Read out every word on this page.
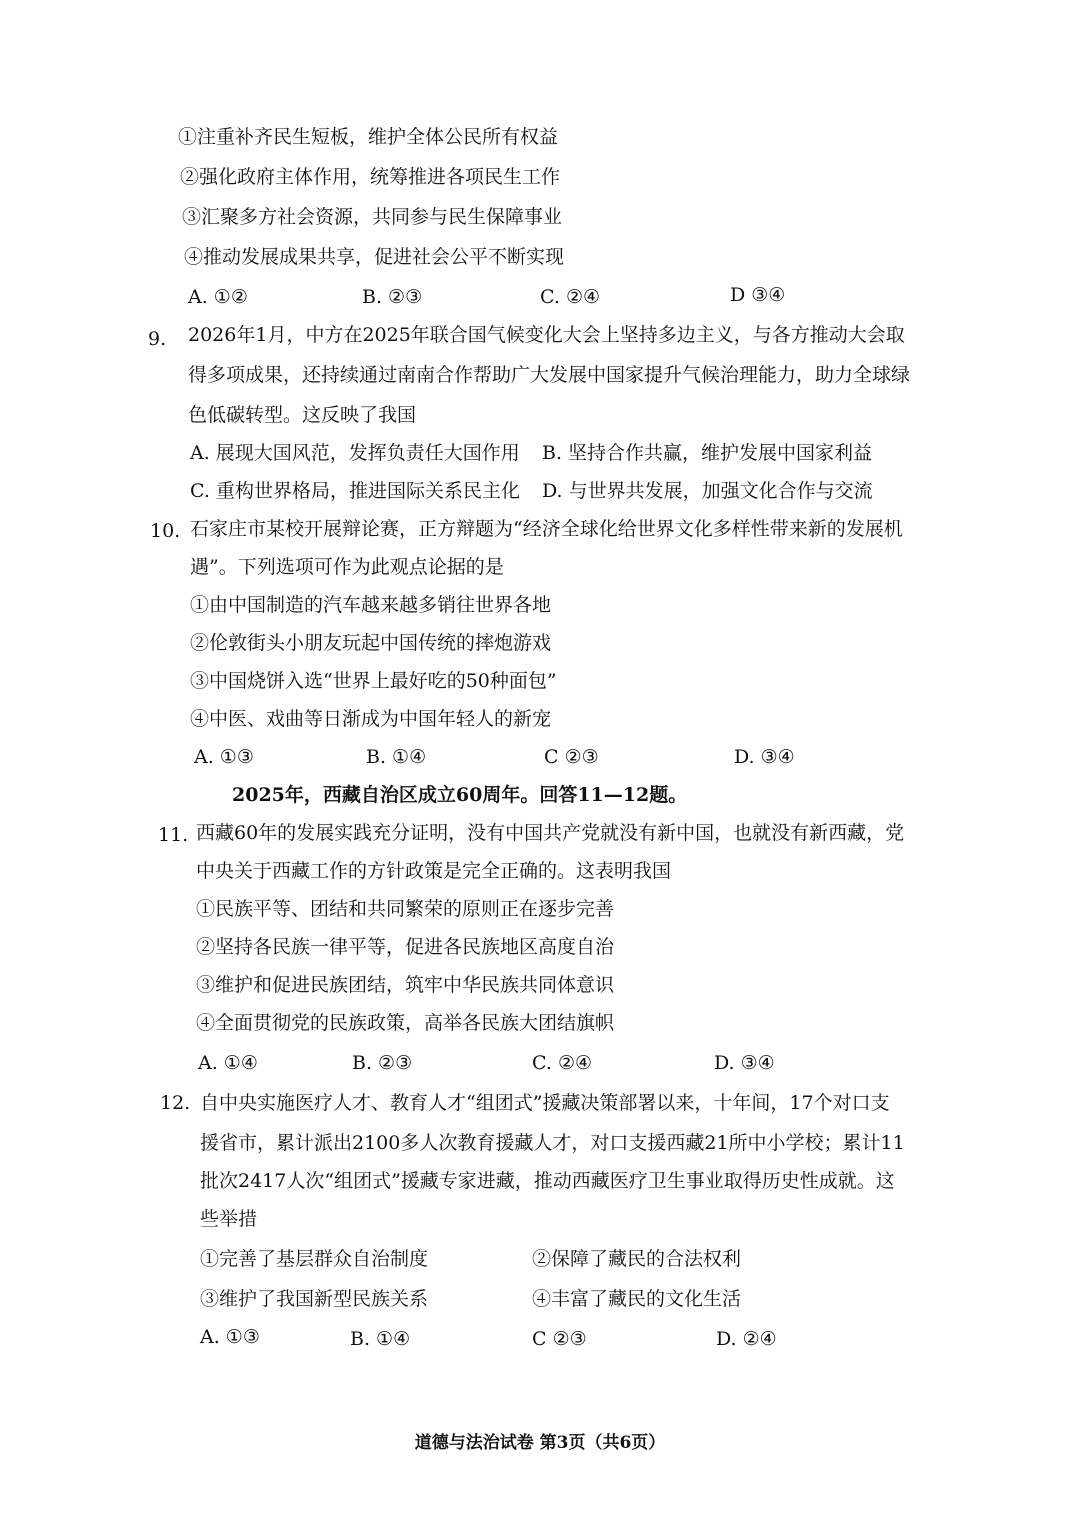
①注重补齐民生短板，维护全体公民所有权益
②强化政府主体作用，统筹推进各项民生工作
③汇聚多方社会资源，共同参与民生保障事业
④推动发展成果共享，促进社会公平不断实现
A. ①②	B. ②③	C. ②④	D ③④
9. 2026年1月，中方在2025年联合国气候变化大会上坚持多边主义，与各方推动大会取
得多项成果，还持续通过南南合作帮助广大发展中国家提升气候治理能力，助力全球绿
色低碳转型。这反映了我国
A. 展现大国风范，发挥负责任大国作用 B. 坚持合作共赢，维护发展中国家利益
C. 重构世界格局，推进国际关系民主化 D. 与世界共发展，加强文化合作与交流
10. 石家庄市某校开展辩论赛，正方辩题为“经济全球化给世界文化多样性带来新的发展机
遇”。下列选项可作为此观点论据的是
①由中国制造的汽车越来越多销往世界各地
②伦敦街头小朋友玩起中国传统的摔炮游戏
③中国烧饼入选“世界上最好吃的50种面包”
④中医、戏曲等日渐成为中国年轻人的新宠
A. ①③	B. ①④	C ②③	D. ③④
2025年，西藏自治区成立60周年。回答11—12题。
11. 西藏60年的发展实践充分证明，没有中国共产党就没有新中国，也就没有新西藏，党
中央关于西藏工作的方针政策是完全正确的。这表明我国
①民族平等、团结和共同繁荣的原则正在逐步完善
②坚持各民族一律平等，促进各民族地区高度自治
③维护和促进民族团结，筑牢中华民族共同体意识
④全面贯彻党的民族政策，高举各民族大团结旗帜
A. ①④	B. ②③	C. ②④	D. ③④
12. 自中央实施医疗人才、教育人才“组团式”援藏决策部署以来，十年间，17个对口支
援省市，累计派出2100多人次教育援藏人才，对口支援西藏21所中小学校；累计11
批次2417人次“组团式”援藏专家进藏，推动西藏医疗卫生事业取得历史性成就。这
些举措
①完善了基层群众自治制度	②保障了藏民的合法权利
③维护了我国新型民族关系	④丰富了藏民的文化生活
A. ①③	B. ①④	C ②③	D. ②④
道德与法治试卷 第3页（共6页）
